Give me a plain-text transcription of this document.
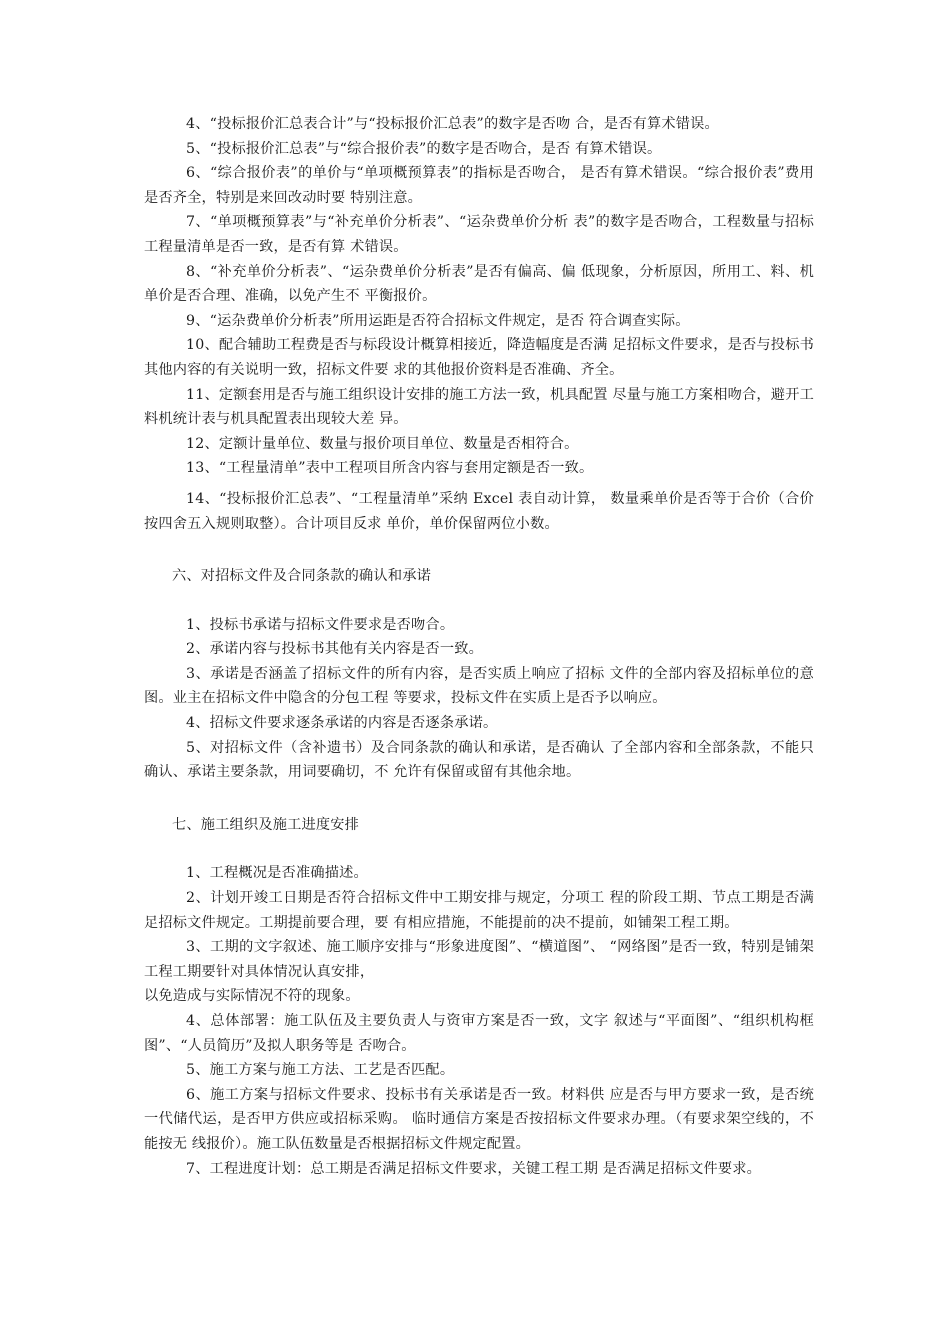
4、“投标报价汇总表合计”与“投标报价汇总表”的数字是否吻 合，是否有算术错误。

5、“投标报价汇总表”与“综合报价表”的数字是否吻合，是否 有算术错误。

6、“综合报价表”的单价与“单项概预算表”的指标是否吻合， 是否有算术错误。“综合报价表”费用是否齐全，特别是来回改动时要 特别注意。

7、“单项概预算表”与“补充单价分析表”、“运杂费单价分析 表”的数字是否吻合，工程数量与招标工程量清单是否一致，是否有算 术错误。

8、“补充单价分析表”、“运杂费单价分析表”是否有偏高、偏 低现象，分析原因，所用工、料、机单价是否合理、准确，以免产生不 平衡报价。

9、“运杂费单价分析表”所用运距是否符合招标文件规定，是否 符合调查实际。

10、配合辅助工程费是否与标段设计概算相接近，降造幅度是否满 足招标文件要求，是否与投标书其他内容的有关说明一致，招标文件要 求的其他报价资料是否准确、齐全。

11、定额套用是否与施工组织设计安排的施工方法一致，机具配置 尽量与施工方案相吻合，避开工料机统计表与机具配置表出现较大差 异。

12、定额计量单位、数量与报价项目单位、数量是否相符合。

13、“工程量清单”表中工程项目所含内容与套用定额是否一致。

14、“投标报价汇总表”、“工程量清单”采纳 Excel 表自动计算， 数量乘单价是否等于合价（合价按四舍五入规则取整）。合计项目反求 单价，单价保留两位小数。

六、对招标文件及合同条款的确认和承诺

1、投标书承诺与招标文件要求是否吻合。

2、承诺内容与投标书其他有关内容是否一致。

3、承诺是否涵盖了招标文件的所有内容，是否实质上响应了招标 文件的全部内容及招标单位的意图。业主在招标文件中隐含的分包工程 等要求，投标文件在实质上是否予以响应。

4、招标文件要求逐条承诺的内容是否逐条承诺。

5、对招标文件（含补遗书）及合同条款的确认和承诺，是否确认 了全部内容和全部条款，不能只确认、承诺主要条款，用词要确切，不 允许有保留或留有其他余地。

七、施工组织及施工进度安排

1、工程概况是否准确描述。

2、计划开竣工日期是否符合招标文件中工期安排与规定，分项工 程的阶段工期、节点工期是否满足招标文件规定。工期提前要合理，要 有相应措施，不能提前的决不提前，如铺架工程工期。

3、工期的文字叙述、施工顺序安排与“形象进度图”、“横道图”、 “网络图”是否一致，特别是铺架工程工期要针对具体情况认真安排，

以免造成与实际情况不符的现象。

4、总体部署：施工队伍及主要负责人与资审方案是否一致，文字 叙述与“平面图”、“组织机构框图”、“人员简历”及拟人职务等是 否吻合。

5、施工方案与施工方法、工艺是否匹配。

6、施工方案与招标文件要求、投标书有关承诺是否一致。材料供 应是否与甲方要求一致，是否统一代储代运，是否甲方供应或招标采购。 临时通信方案是否按招标文件要求办理。（有要求架空线的，不能按无 线报价）。施工队伍数量是否根据招标文件规定配置。

7、工程进度计划：总工期是否满足招标文件要求，关键工程工期 是否满足招标文件要求。
